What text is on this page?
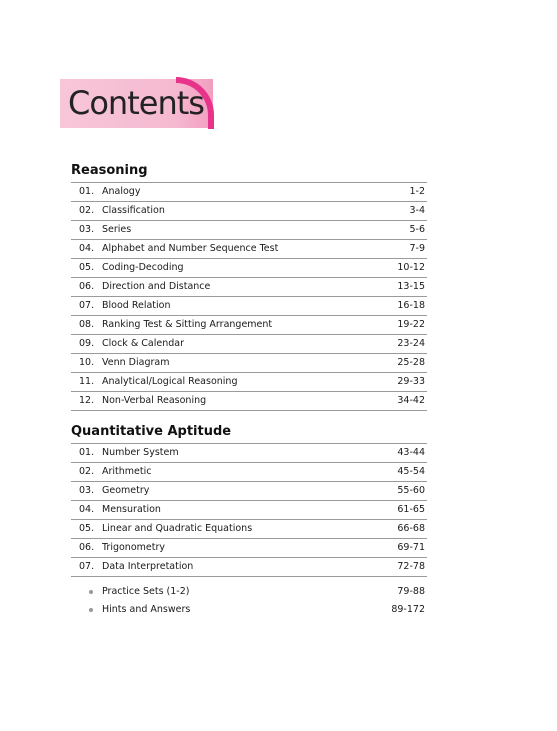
Contents
Reasoning
01. Analogy	1-2
02. Classification	3-4
03. Series	5-6
04. Alphabet and Number Sequence Test	7-9
05. Coding-Decoding	10-12
06. Direction and Distance	13-15
07. Blood Relation	16-18
08. Ranking Test & Sitting Arrangement	19-22
09. Clock & Calendar	23-24
10. Venn Diagram	25-28
11. Analytical/Logical Reasoning	29-33
12. Non-Verbal Reasoning	34-42
Quantitative Aptitude
01. Number System	43-44
02. Arithmetic	45-54
03. Geometry	55-60
04. Mensuration	61-65
05. Linear and Quadratic Equations	66-68
06. Trigonometry	69-71
07. Data Interpretation	72-78
Practice Sets (1-2)	79-88
Hints and Answers	89-172
